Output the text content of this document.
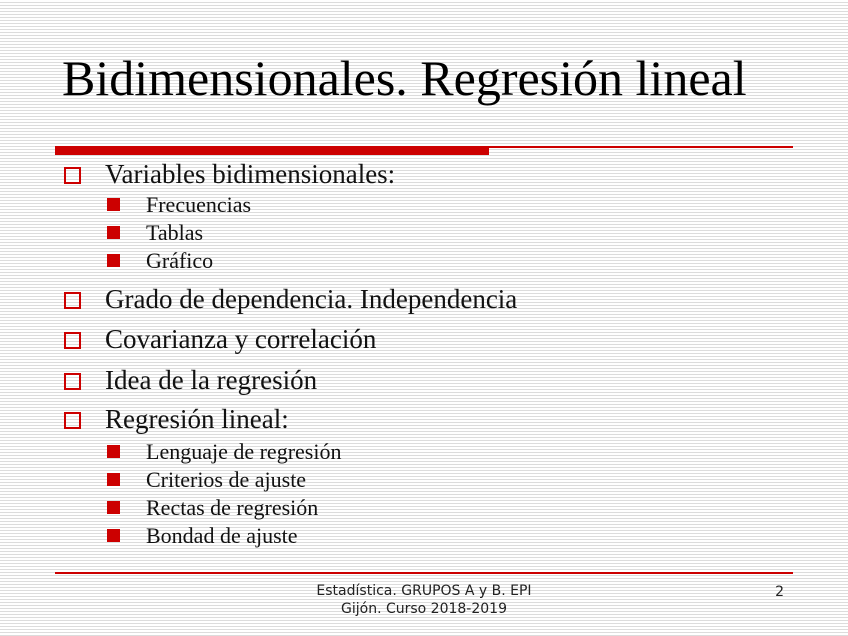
Bidimensionales. Regresión lineal
Variables bidimensionales:
Frecuencias
Tablas
Gráfico
Grado de dependencia. Independencia
Covarianza y correlación
Idea de la regresión
Regresión lineal:
Lenguaje de regresión
Criterios de ajuste
Rectas de regresión
Bondad de ajuste
Estadística. GRUPOS A y B. EPI
Gijón. Curso 2018-2019
2
